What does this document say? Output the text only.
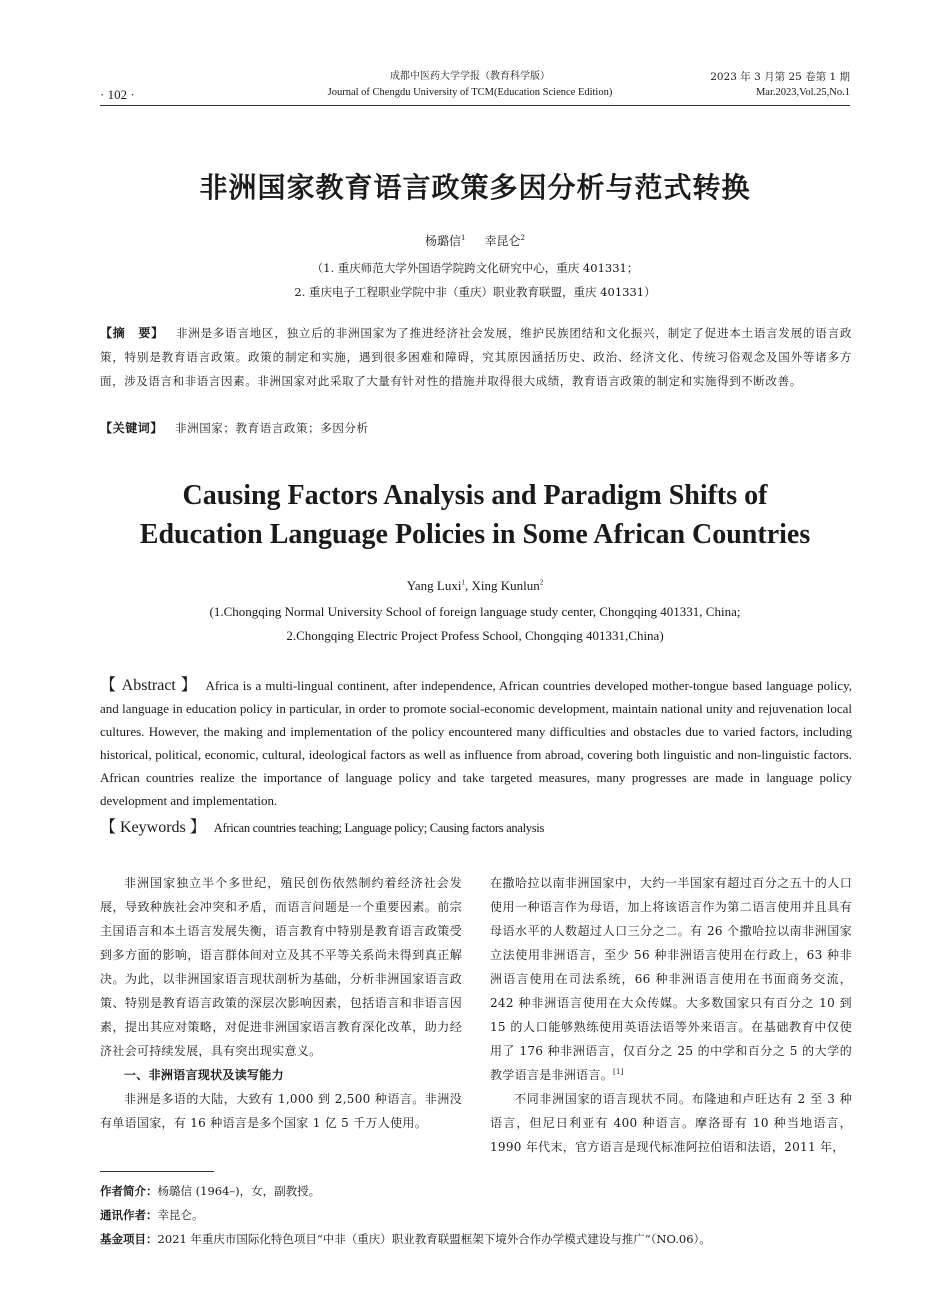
· 102 ·
成都中医药大学学报（教育科学版）
Journal of Chengdu University of TCM(Education Science Edition)
2023 年 3 月第 25 卷第 1 期
Mar.2023,Vol.25,No.1
非洲国家教育语言政策多因分析与范式转换
杨璐信$^1$ 幸昆仑$^2$
（1. 重庆师范大学外国语学院跨文化研究中心，重庆 401331；
2. 重庆电子工程职业学院中非（重庆）职业教育联盟，重庆 401331）
【摘　要】 非洲是多语言地区，独立后的非洲国家为了推进经济社会发展，维护民族团结和文化振兴，制定了促进本土语言发展的语言政策，特别是教育语言政策。政策的制定和实施，遇到很多困难和障碍，究其原因涵括历史、政治、经济文化、传统习俗观念及国外等诸多方面，涉及语言和非语言因素。非洲国家对此采取了大量有针对性的措施并取得很大成绩，教育语言政策的制定和实施得到不断改善。
【关键词】 非洲国家；教育语言政策；多因分析
Causing Factors Analysis and Paradigm Shifts of
Education Language Policies in Some African Countries
Yang Luxi$^1$, Xing Kunlun$^2$
(1.Chongqing Normal University School of foreign language study center, Chongqing 401331, China;
2.Chongqing Electric Project Profess School, Chongqing 401331,China)
【 Abstract 】 Africa is a multi-lingual continent, after independence, African countries developed mother-tongue based language policy, and language in education policy in particular, in order to promote social-economic development, maintain national unity and rejuvenation local cultures. However, the making and implementation of the policy encountered many difficulties and obstacles due to varied factors, including historical, political, economic, cultural, ideological factors as well as influence from abroad, covering both linguistic and non-linguistic factors. African countries realize the importance of language policy and take targeted measures, many progresses are made in language policy development and implementation.
【 Keywords 】 African countries teaching; Language policy; Causing factors analysis

非洲国家独立半个多世纪，殖民创伤依然制约着经济社会发展，导致种族社会冲突和矛盾，而语言问题是一个重要因素。前宗主国语言和本土语言发展失衡，语言教育中特别是教育语言政策受到多方面的影响，语言群体间对立及其不平等关系尚未得到真正解决。为此，以非洲国家语言现状剖析为基础，分析非洲国家语言政策、特别是教育语言政策的深层次影响因素，包括语言和非语言因素，提出其应对策略，对促进非洲国家语言教育深化改革，助力经济社会可持续发展，具有突出现实意义。

一、非洲语言现状及读写能力

非洲是多语的大陆，大致有 1,000 到 2,500 种语言。非洲没有单语国家，有 16 种语言是多个国家 1 亿 5 千万人使用。

在撒哈拉以南非洲国家中，大约一半国家有超过百分之五十的人口使用一种语言作为母语，加上将该语言作为第二语言使用并且具有母语水平的人数超过人口三分之二。有 26 个撒哈拉以南非洲国家立法使用非洲语言，至少 56 种非洲语言使用在行政上，63 种非洲语言使用在司法系统，66 种非洲语言使用在书面商务交流，242 种非洲语言使用在大众传媒。大多数国家只有百分之 10 到 15 的人口能够熟练使用英语法语等外来语言。在基础教育中仅使用了 176 种非洲语言，仅百分之 25 的中学和百分之 5 的大学的教学语言是非洲语言。[1]

不同非洲国家的语言现状不同。布隆迪和卢旺达有 2 至 3 种语言，但尼日利亚有 400 种语言。摩洛哥有 10 种当地语言，1990 年代末，官方语言是现代标准阿拉伯语和法语，2011 年，

作者简介：杨璐信 (1964–)，女，副教授。
通讯作者：幸昆仑。
基金项目：2021 年重庆市国际化特色项目“中非（重庆）职业教育联盟框架下境外合作办学模式建设与推广”（NO.06）。
